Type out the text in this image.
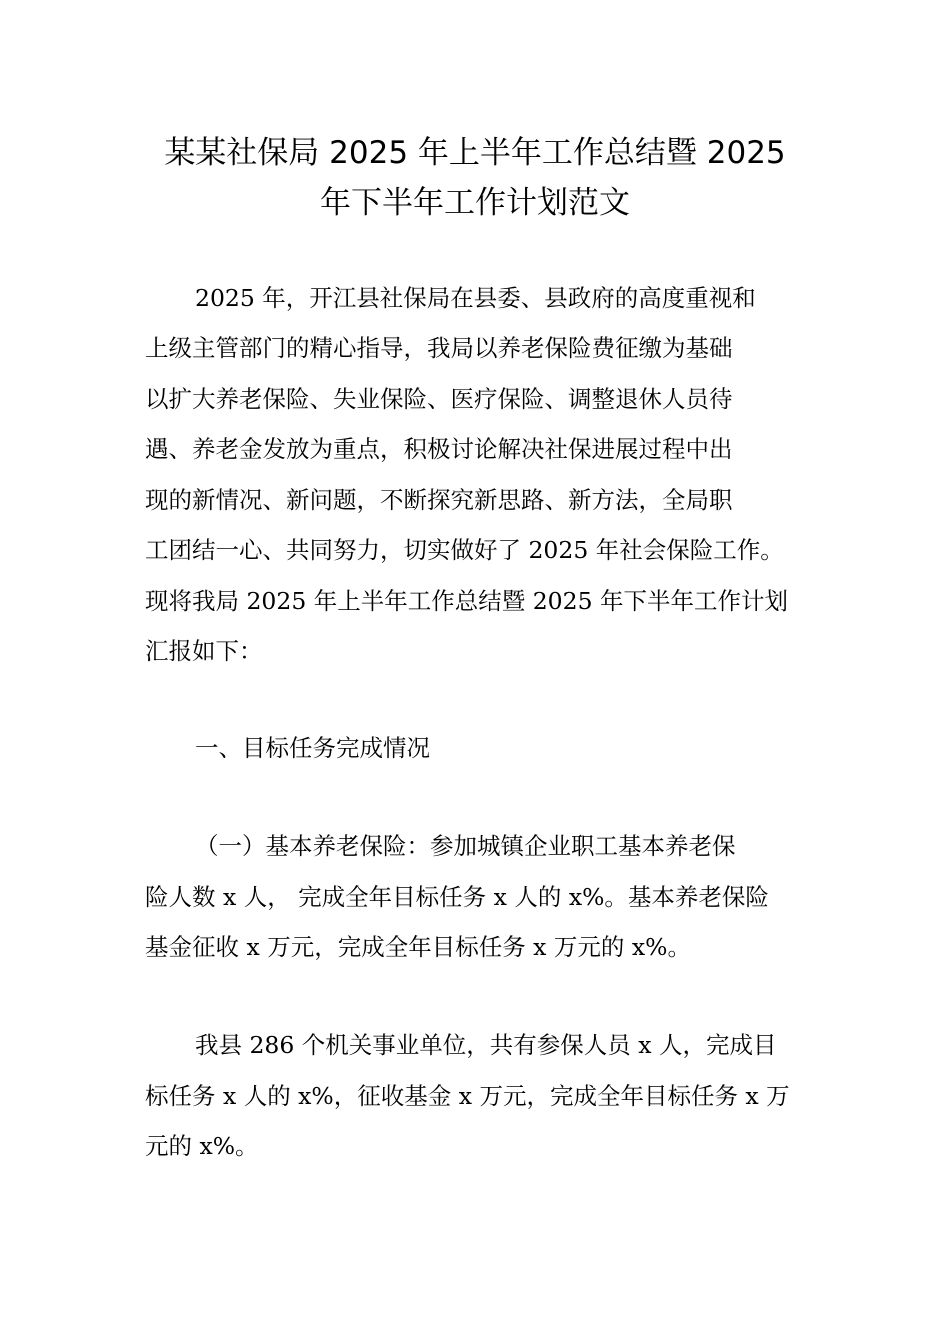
某某社保局 2025 年上半年工作总结暨 2025
年下半年工作计划范文

2025 年，开江县社保局在县委、县政府的高度重视和

上级主管部门的精心指导，我局以养老保险费征缴为基础

以扩大养老保险、失业保险、医疗保险、调整退休人员待

遇、养老金发放为重点，积极讨论解决社保进展过程中出

现的新情况、新问题，不断探究新思路、新方法，全局职

工团结一心、共同努力，切实做好了 2025 年社会保险工作。

现将我局 2025 年上半年工作总结暨 2025 年下半年工作计划

汇报如下：

一、目标任务完成情况

（一）基本养老保险：参加城镇企业职工基本养老保

险人数 x 人， 完成全年目标任务 x 人的 x%。基本养老保险

基金征收 x 万元，完成全年目标任务 x 万元的 x%。

我县 286 个机关事业单位，共有参保人员 x 人，完成目

标任务 x 人的 x%，征收基金 x 万元，完成全年目标任务 x 万

元的 x%。
